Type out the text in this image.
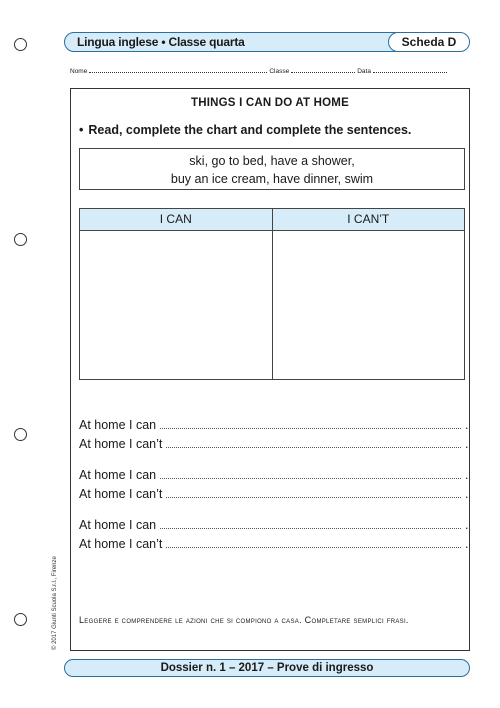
Lingua inglese • Classe quarta	Scheda D
Nome	Classe	Data
THINGS I CAN DO AT HOME
• Read, complete the chart and complete the sentences.
ski, go to bed, have a shower,
buy an ice cream, have dinner, swim
I CAN	I CAN’T
At home I can	.
At home I can’t	.
At home I can	.
At home I can’t	.
At home I can	.
At home I can’t	.
Leggere e comprendere le azioni che si compiono a casa. Completare semplici frasi.
© 2017 Giunti Scuola S.r.l., Firenze
Dossier n. 1 – 2017 – Prove di ingresso
